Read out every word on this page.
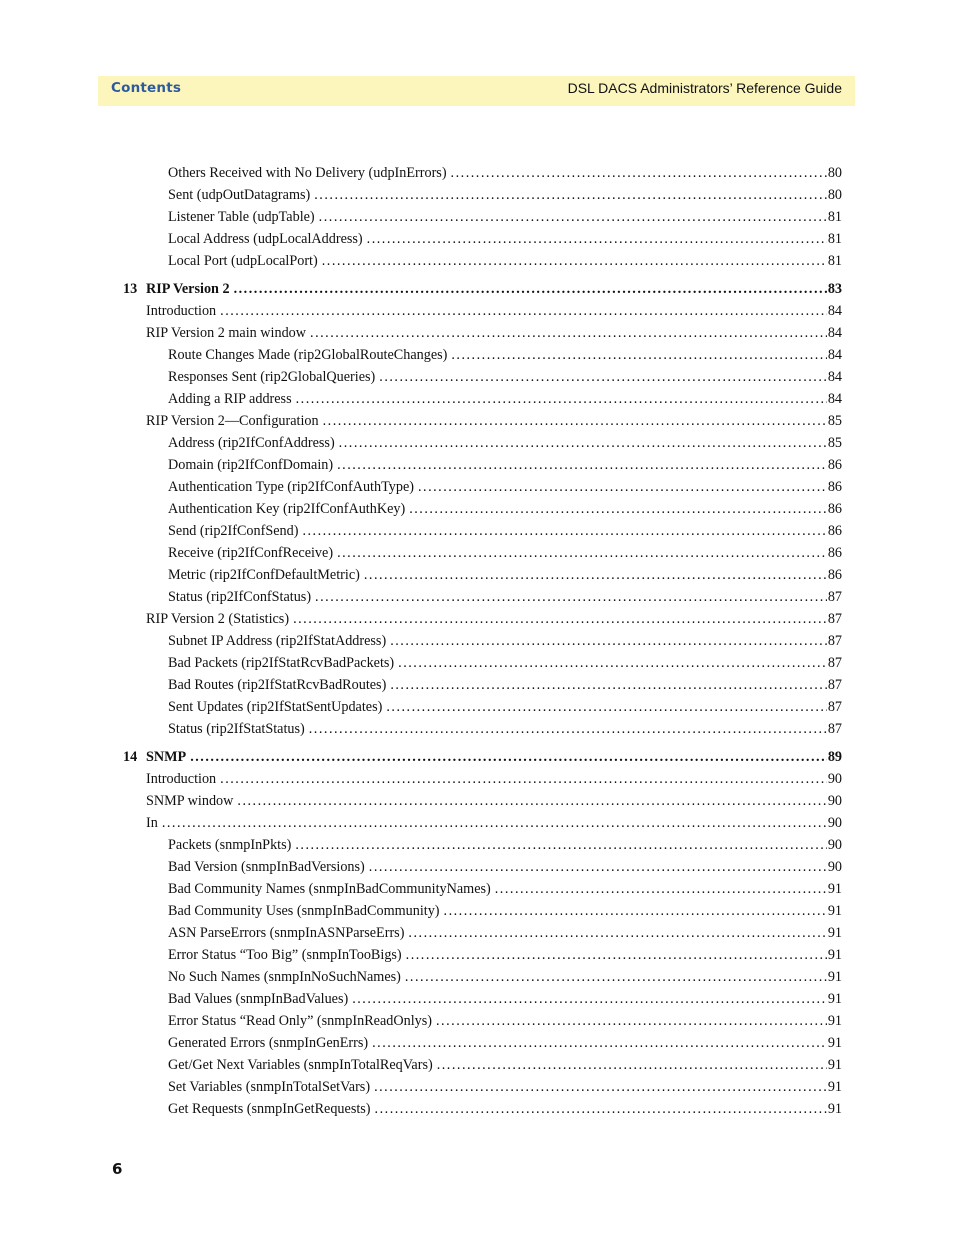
Contents	DSL DACS Administrators’ Reference Guide
Others Received with No Delivery (udpInErrors) .....	80
Sent (udpOutDatagrams) .....	80
Listener Table (udpTable) .....	81
Local Address (udpLocalAddress) .....	81
Local Port (udpLocalPort) .....	81
13 RIP Version 2 .....	83
Introduction .....	84
RIP Version 2 main window .....	84
Route Changes Made (rip2GlobalRouteChanges) .....	84
Responses Sent (rip2GlobalQueries) .....	84
Adding a RIP address .....	84
RIP Version 2—Configuration .....	85
Address (rip2IfConfAddress) .....	85
Domain (rip2IfConfDomain) .....	86
Authentication Type (rip2IfConfAuthType) .....	86
Authentication Key (rip2IfConfAuthKey) .....	86
Send (rip2IfConfSend) .....	86
Receive (rip2IfConfReceive) .....	86
Metric (rip2IfConfDefaultMetric) .....	86
Status (rip2IfConfStatus) .....	87
RIP Version 2 (Statistics) .....	87
Subnet IP Address (rip2IfStatAddress) .....	87
Bad Packets (rip2IfStatRcvBadPackets) .....	87
Bad Routes (rip2IfStatRcvBadRoutes) .....	87
Sent Updates (rip2IfStatSentUpdates) .....	87
Status (rip2IfStatStatus) .....	87
14 SNMP .....	89
Introduction .....	90
SNMP window .....	90
In .....	90
Packets (snmpInPkts) .....	90
Bad Version (snmpInBadVersions) .....	90
Bad Community Names (snmpInBadCommunityNames) .....	91
Bad Community Uses (snmpInBadCommunity) .....	91
ASN ParseErrors (snmpInASNParseErrs) .....	91
Error Status “Too Big” (snmpInTooBigs) .....	91
No Such Names (snmpInNoSuchNames) .....	91
Bad Values (snmpInBadValues) .....	91
Error Status “Read Only” (snmpInReadOnlys) .....	91
Generated Errors (snmpInGenErrs) .....	91
Get/Get Next Variables (snmpInTotalReqVars) .....	91
Set Variables (snmpInTotalSetVars) .....	91
Get Requests (snmpInGetRequests) .....	91
6
